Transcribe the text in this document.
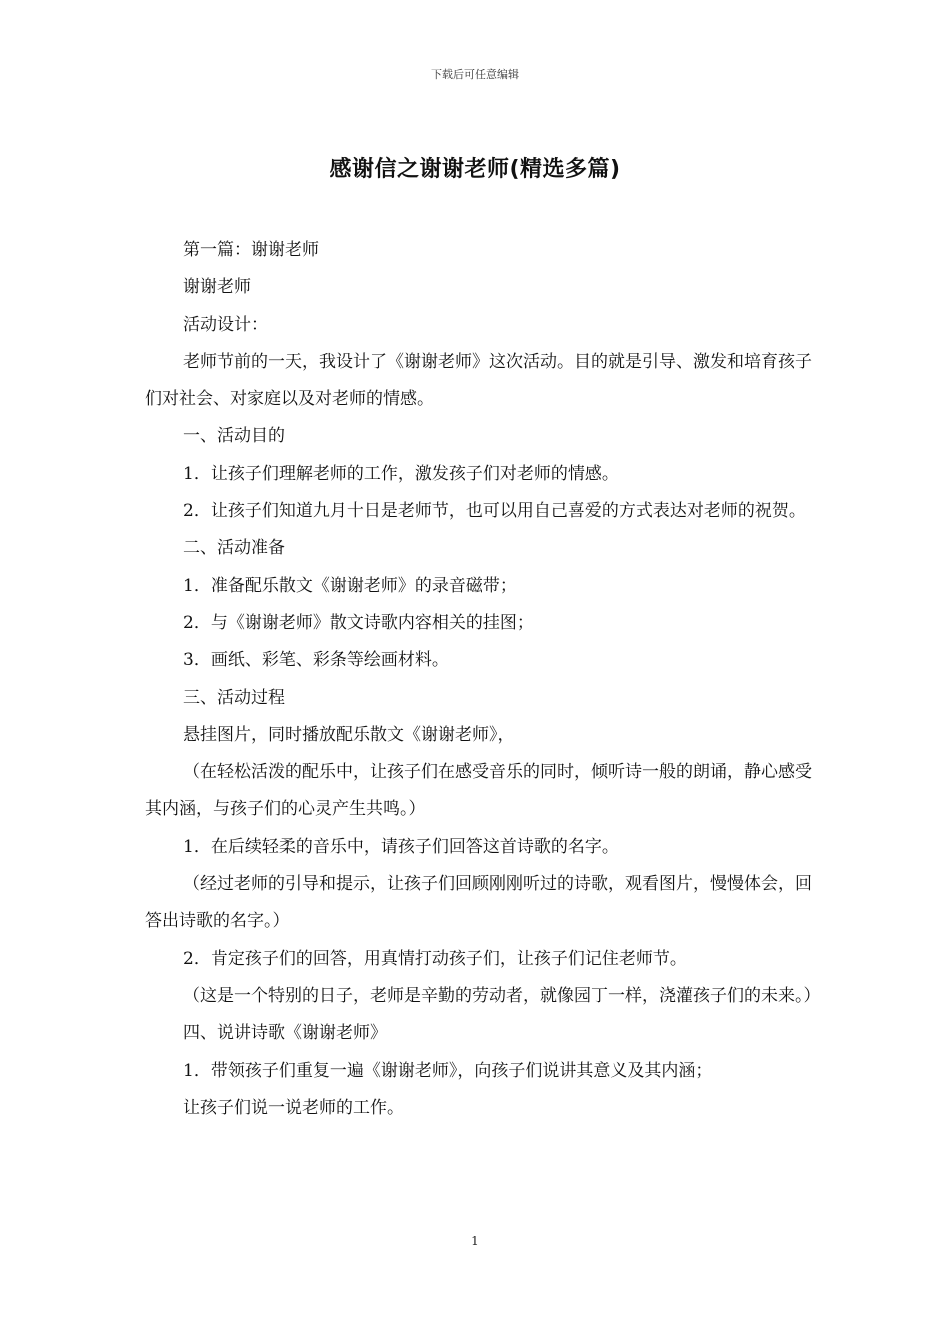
下载后可任意编辑
感谢信之谢谢老师(精选多篇)

第一篇：谢谢老师

谢谢老师

活动设计：

老师节前的一天，我设计了《谢谢老师》这次活动。目的就是引导、激发和培育孩子们对社会、对家庭以及对老师的情感。

一、活动目的

1．让孩子们理解老师的工作，激发孩子们对老师的情感。

2．让孩子们知道九月十日是老师节，也可以用自己喜爱的方式表达对老师的祝贺。

二、活动准备

1．准备配乐散文《谢谢老师》的录音磁带；

2．与《谢谢老师》散文诗歌内容相关的挂图；

3．画纸、彩笔、彩条等绘画材料。

三、活动过程

悬挂图片，同时播放配乐散文《谢谢老师》，

（在轻松活泼的配乐中，让孩子们在感受音乐的同时，倾听诗一般的朗诵，静心感受其内涵，与孩子们的心灵产生共鸣。）

1．在后续轻柔的音乐中，请孩子们回答这首诗歌的名字。

（经过老师的引导和提示，让孩子们回顾刚刚听过的诗歌，观看图片，慢慢体会，回答出诗歌的名字。）

2．肯定孩子们的回答，用真情打动孩子们，让孩子们记住老师节。

（这是一个特别的日子，老师是辛勤的劳动者，就像园丁一样，浇灌孩子们的未来。）

四、说讲诗歌《谢谢老师》

1．带领孩子们重复一遍《谢谢老师》，向孩子们说讲其意义及其内涵；

让孩子们说一说老师的工作。

1
